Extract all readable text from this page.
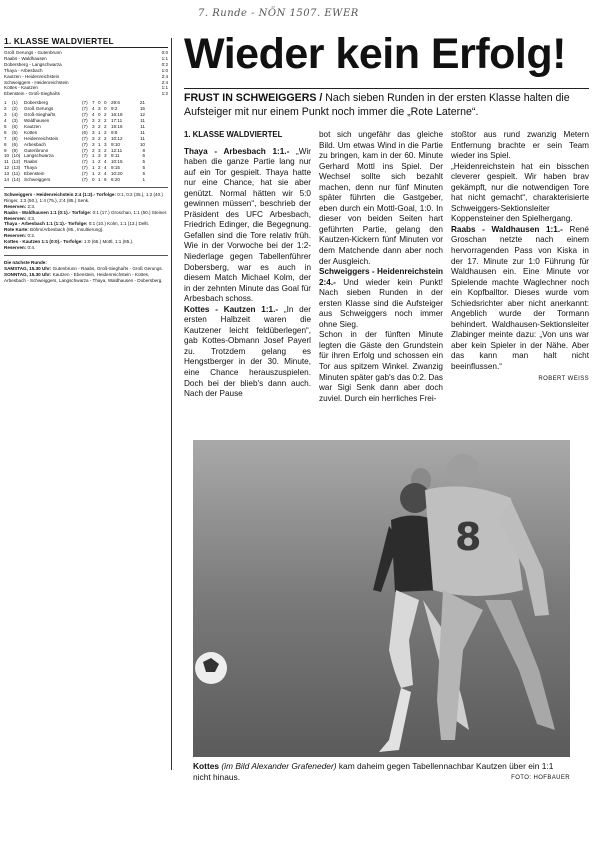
7. Runde - NÖN 1507. EWER
1. KLASSE WALDVIERTEL
Groß Gerungs - Gutenbrunn	0:0
Raabs - Waldhausen	1:1
Dobersberg - Langschwarza	0:2
Thaya - Arbesbach	1:0
Kautzen - Heidenreichstein	2:4
Schweiggers - Heidenreichstein	2:4
Kottes - Kautzen	1:1
Ebenstein - Groß-Sieghar̈ts	1:2
1	(1)	Dobersberg	(7) 7 0 0 29:6	21
2	(2)	Groß Gerungs	(7) 4 3 0 9:2	15
3	(4)	Groß-Sieghar̈ts	(7) 4 0 2 16:18	12
4	(3)	Waldhausen	(7) 3 2 2 17:11	11
5	(6)	Kautzen	(7) 3 2 2 19:16	11
6	(5)	Kottes	(6) 3 1 2 9:8	11
7	(8)	Heidenreichstein	(7) 3 2 2 10:12	11
8	(6)	Arbesbach	(7) 3 1 3 9:10	10
9	(9)	Gutenbrunn	(7) 2 3 2 12:11	8
10 (10) Langschwarza	(7) 1 3 3 8:11	6
11 (12) Raabs	(7) 1 2 4 10:15	5
12 (13) Thaya	(7) 1 2 4 9:15	5
13 (11) Ebenstein	(7) 1 2 4 10:20	5
14 (14) Schweiggers	(7) 0 1 6 6:20	1
Schweiggers - Heidenreichstein 2:4 (1:2).- Torfolge: 0:1, 0:2 (35.), 1:2 (40.) Ringer, 1:3 (50.), 1:4 (75.), 2:4 (85.) Senk.
Reserven: 2:3.
Raabs - Waldhausen 1:1 (0:1).- Torfolge: 0:1 (17.) Groschan, 1:1 (50.) Steiner.
Reserven: 4:3.
Thaya - Arbesbach 1:1 (1:1).- Torfolge: 0:1 (10.) Kolm, 1:1 (13.) Dellt.
Rote Karte: Böhm/Arbesbach (85., Insultierung).
Reserven: 0:2.
Kottes - Kautzen 1:1 (0:0).- Torfolge: 1:0 (65.) Mottl, 1:1 (85.).
Reserven: 0:4.
Die nächste Runde:
SAMSTAG, 15.30 Uhr: Gutenbrunn - Raabs, Groß-Sieghar̈ts - Groß Gerungs.
SONNTAG, 15.30 Uhr: Kautzen - Ebenstein, Heidenreichstein - Kottes, Arbesbach - Schweiggers, Langschwarza - Thaya, Waldhausen - Dobersberg.
Wieder kein Erfolg!
FRUST IN SCHWEIGGERS / Nach sieben Runden in der ersten Klasse halten die Aufsteiger mit nur einem Punkt noch immer die „Rote Laterne“.
1. KLASSE WALDVIERTEL

Thaya - Arbesbach 1:1.- „Wir haben die ganze Partie lang nur auf ein Tor gespielt. Thaya hatte nur eine Chance, hat sie aber genützt. Normal hätten wir 5:0 gewinnen müssen“, beschrieb der Präsident des UFC Arbesbach, Friedrich Edinger, die Begegnung. Gefallen sind die Tore relativ früh. Wie in der Vorwoche bei der 1:2-Niederlage gegen Tabellenführer Dobersberg, war es auch in diesem Match Michael Kolm, der in der zehnten Minute das Goal für Arbesbach schoss.

Kottes - Kautzen 1:1.- „In der ersten Halbzeit waren die Kautzener leicht feldüberlegen“, gab Kottes-Obmann Josef Payerl zu. Trotzdem gelang es Hengstberger in der 30. Minute, eine Chance herauszuspielen. Doch bei der blieb's dann auch. Nach der Pause

bot sich ungefähr das gleiche Bild. Um etwas Wind in die Partie zu bringen, kam in der 60. Minute Gerhard Mottl ins Spiel. Der Wechsel sollte sich bezahlt machen, denn nur fünf Minuten später führten die Gastgeber, eben durch ein Mottl-Goal, 1:0. In dieser von beiden Seiten hart geführten Partie, gelang den Kautzen-Kickern fünf Minuten vor dem Matchende dann aber noch der Ausgleich.

Schweiggers - Heidenreichstein 2:4.- Und wieder kein Punkt! Nach sieben Runden in der ersten Klasse sind die Aufsteiger aus Schweiggers noch immer ohne Sieg.

Schon in der fünften Minute legten die Gäste den Grundstein für ihren Erfolg und schossen ein Tor aus spitzem Winkel. Zwanzig Minuten später gab's das 0:2. Das war Sigi Senk dann aber doch zuviel. Durch ein herrliches Frei-

stoßtor aus rund zwanzig Metern Entfernung brachte er sein Team wieder ins Spiel.

„Heidenreichstein hat ein bisschen cleverer gespielt. Wir haben brav gekämpft, nur die notwendigen Tore hat nicht gemacht“, charakterisierte Schweiggers-Sektionsleiter Koppensteiner den Spielhergang.

Raabs - Waldhausen 1:1.- René Groschan netzte nach einem hervorragenden Pass von Kiska in der 17. Minute zur 1:0 Führung für Waldhausen ein. Eine Minute vor Spielende machte Waglechner noch ein Kopfballtor. Dieses wurde vom Schiedsrichter aber nicht anerkannt: Angeblich wurde der Tormann behindert. Waldhausen-Sektionsleiter Zlabinger meinte dazu: „Von uns war aber kein Spieler in der Nähe. Aber das kann man halt nicht beeinflussen.“

ROBERT WEISS
8
Kottes (im Bild Alexander Grafeneder) kam daheim gegen Tabellennachbar Kautzen über ein 1:1 nicht hinaus.	FOTO: HOFBAUER
